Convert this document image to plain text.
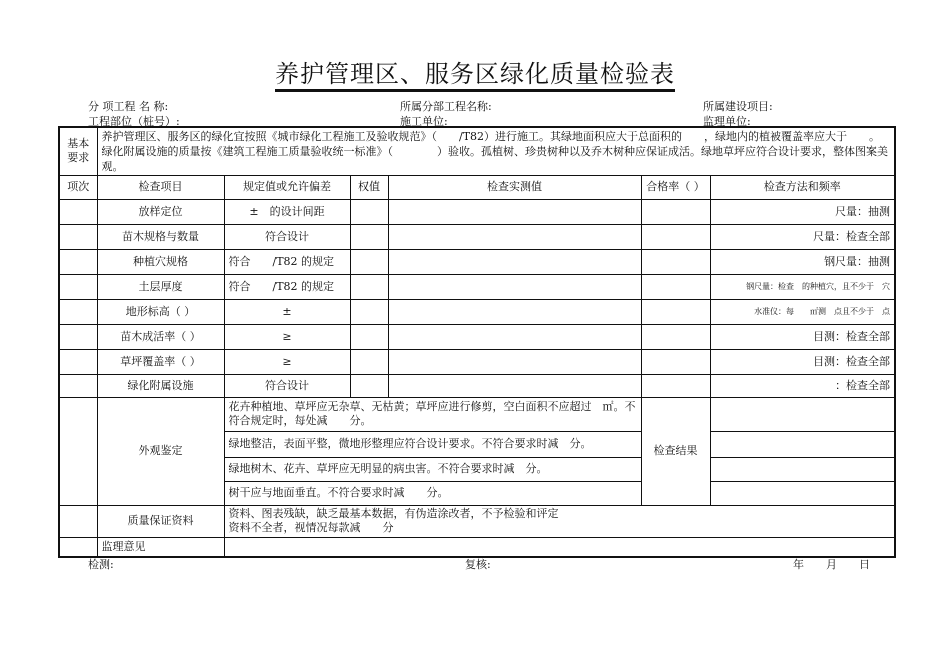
养护管理区、服务区绿化质量检验表
分 项工程 名 称:
工程部位（桩号）:
所属分部工程名称:
施工单位:
所属建设项目:
监理单位:
基本要求	养护管理区、服务区的绿化宜按照《城市绿化工程施工及验收规范》（　　/T82）进行施工。其绿地面积应大于总面积的　　，绿地内的植被覆盖率应大于　　。绿化附属设施的质量按《建筑工程施工质量验收统一标准》（　　　　）验收。孤植树、珍贵树种以及乔木树种应保证成活。绿地草坪应符合设计要求，整体图案美观。					
项次	检查项目	规定值或允许偏差	权值	检查实测值	合格率（ ）	检查方法和频率
	放样定位	±　的设计间距				尺量：抽测
	苗木规格与数量	符合设计				尺量：检查全部
	种植穴规格	符合　　/T82 的规定				钢尺量：抽测
	土层厚度	符合　　/T82 的规定				钢尺量：检查　的种植穴，且不少于　穴
	地形标高（ ）	±				水准仪：每　　㎡测　点且不少于　点
	苗木成活率（ ）	≥				目测：检查全部
	草坪覆盖率（ ）	≥				目测：检查全部
	绿化附属设施	符合设计				：检查全部
	外观鉴定	花卉种植地、草坪应无杂草、无枯黄；草坪应进行修剪，空白面积不应超过　㎡。不符合规定时，每处减　　分。			检查结果	
		绿地整洁，表面平整，微地形整理应符合设计要求。不符合要求时减　分。				
		绿地树木、花卉、草坪应无明显的病虫害。不符合要求时减　分。				
		树干应与地面垂直。不符合要求时减　　分。				
	质量保证资料	资料、图表残缺，缺乏最基本数据，有伪造涂改者，不予检验和评定
资料不全者，视情况每款减　　分				

	监理意见					
检测:	复核:	年　　月　　日
